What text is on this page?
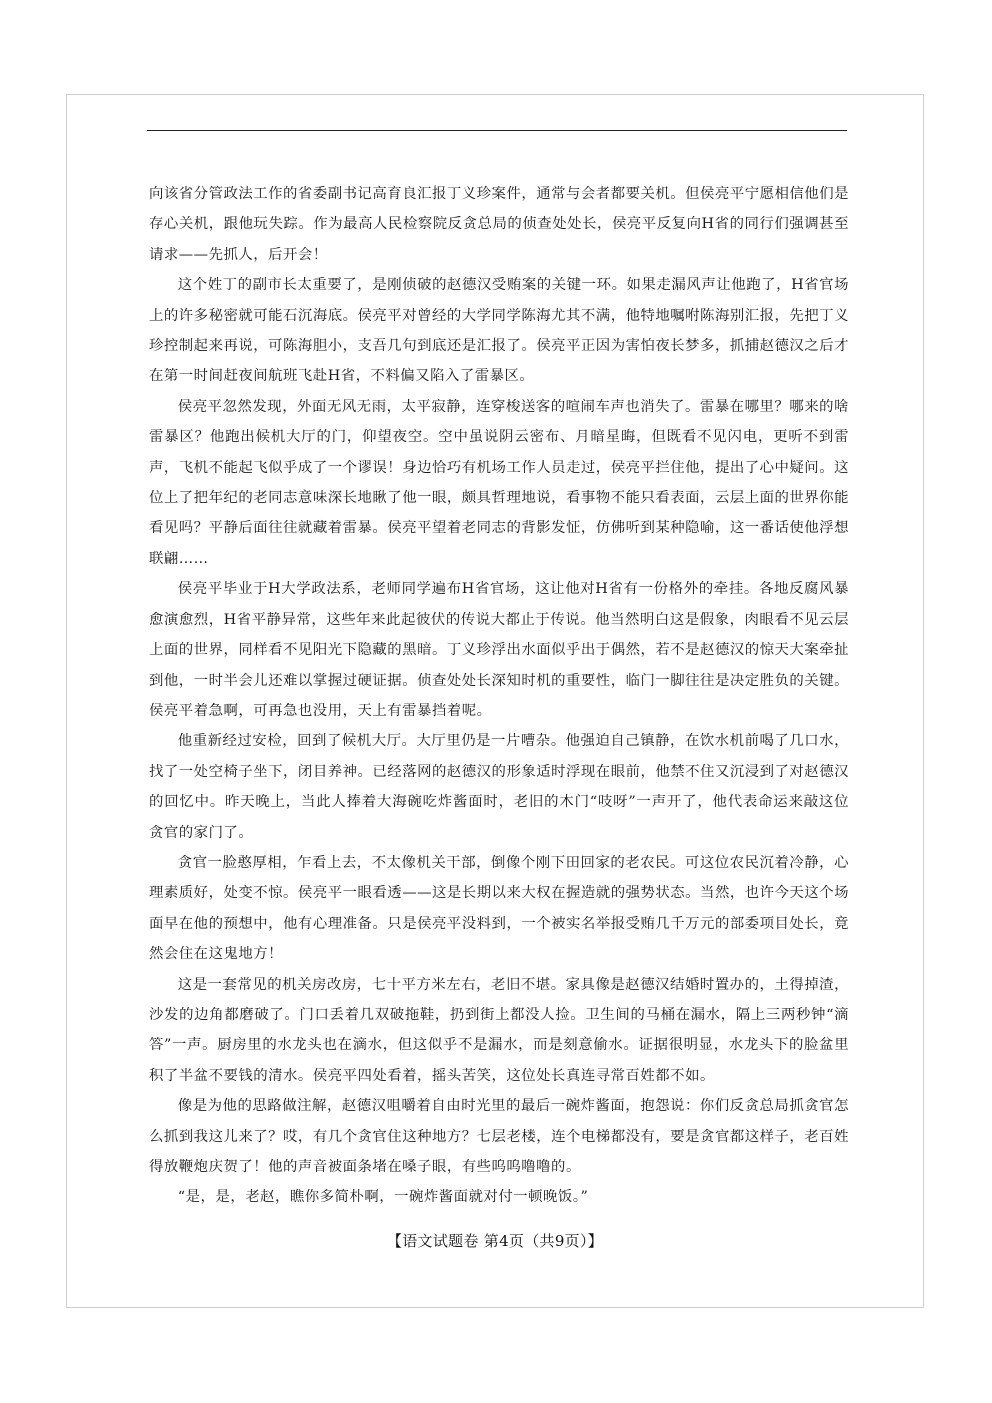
向该省分管政法工作的省委副书记高育良汇报丁义珍案件，通常与会者都要关机。但侯亮平宁愿相信他们是存心关机，跟他玩失踪。作为最高人民检察院反贪总局的侦查处处长，侯亮平反复向H省的同行们强调甚至请求——先抓人，后开会！

这个姓丁的副市长太重要了，是刚侦破的赵德汉受贿案的关键一环。如果走漏风声让他跑了，H省官场上的许多秘密就可能石沉海底。侯亮平对曾经的大学同学陈海尤其不满，他特地嘱咐陈海别汇报，先把丁义珍控制起来再说，可陈海胆小，支吾几句到底还是汇报了。侯亮平正因为害怕夜长梦多，抓捕赵德汉之后才在第一时间赶夜间航班飞赴H省，不料偏又陷入了雷暴区。

侯亮平忽然发现，外面无风无雨，太平寂静，连穿梭送客的喧闹车声也消失了。雷暴在哪里？哪来的啥雷暴区？他跑出候机大厅的门，仰望夜空。空中虽说阴云密布、月暗星晦，但既看不见闪电，更听不到雷声，飞机不能起飞似乎成了一个谬误！身边恰巧有机场工作人员走过，侯亮平拦住他，提出了心中疑问。这位上了把年纪的老同志意味深长地瞅了他一眼，颇具哲理地说，看事物不能只看表面，云层上面的世界你能看见吗？平静后面往往就藏着雷暴。侯亮平望着老同志的背影发怔，仿佛听到某种隐喻，这一番话使他浮想联翩……

侯亮平毕业于H大学政法系，老师同学遍布H省官场，这让他对H省有一份格外的牵挂。各地反腐风暴愈演愈烈，H省平静异常，这些年来此起彼伏的传说大都止于传说。他当然明白这是假象，肉眼看不见云层上面的世界，同样看不见阳光下隐藏的黑暗。丁义珍浮出水面似乎出于偶然，若不是赵德汉的惊天大案牵扯到他，一时半会儿还难以掌握过硬证据。侦查处处长深知时机的重要性，临门一脚往往是决定胜负的关键。侯亮平着急啊，可再急也没用，天上有雷暴挡着呢。

他重新经过安检，回到了候机大厅。大厅里仍是一片嘈杂。他强迫自己镇静，在饮水机前喝了几口水，找了一处空椅子坐下，闭目养神。已经落网的赵德汉的形象适时浮现在眼前，他禁不住又沉浸到了对赵德汉的回忆中。昨天晚上，当此人捧着大海碗吃炸酱面时，老旧的木门“吱呀”一声开了，他代表命运来敲这位贪官的家门了。

贪官一脸憨厚相，乍看上去，不太像机关干部，倒像个刚下田回家的老农民。可这位农民沉着冷静，心理素质好，处变不惊。侯亮平一眼看透——这是长期以来大权在握造就的强势状态。当然，也许今天这个场面早在他的预想中，他有心理准备。只是侯亮平没料到，一个被实名举报受贿几千万元的部委项目处长，竟然会住在这鬼地方！

这是一套常见的机关房改房，七十平方米左右，老旧不堪。家具像是赵德汉结婚时置办的，土得掉渣，沙发的边角都磨破了。门口丢着几双破拖鞋，扔到街上都没人捡。卫生间的马桶在漏水，隔上三两秒钟“滴答”一声。厨房里的水龙头也在滴水，但这似乎不是漏水，而是刻意偷水。证据很明显，水龙头下的脸盆里积了半盆不要钱的清水。侯亮平四处看着，摇头苦笑，这位处长真连寻常百姓都不如。

像是为他的思路做注解，赵德汉咀嚼着自由时光里的最后一碗炸酱面，抱怨说：你们反贪总局抓贪官怎么抓到我这儿来了？哎，有几个贪官住这种地方？七层老楼，连个电梯都没有，要是贪官都这样子，老百姓得放鞭炮庆贺了！他的声音被面条堵在嗓子眼，有些呜呜噜噜的。

“是，是，老赵，瞧你多简朴啊，一碗炸酱面就对付一顿晚饭。”

【语文试题卷 第4页（共9页）】
